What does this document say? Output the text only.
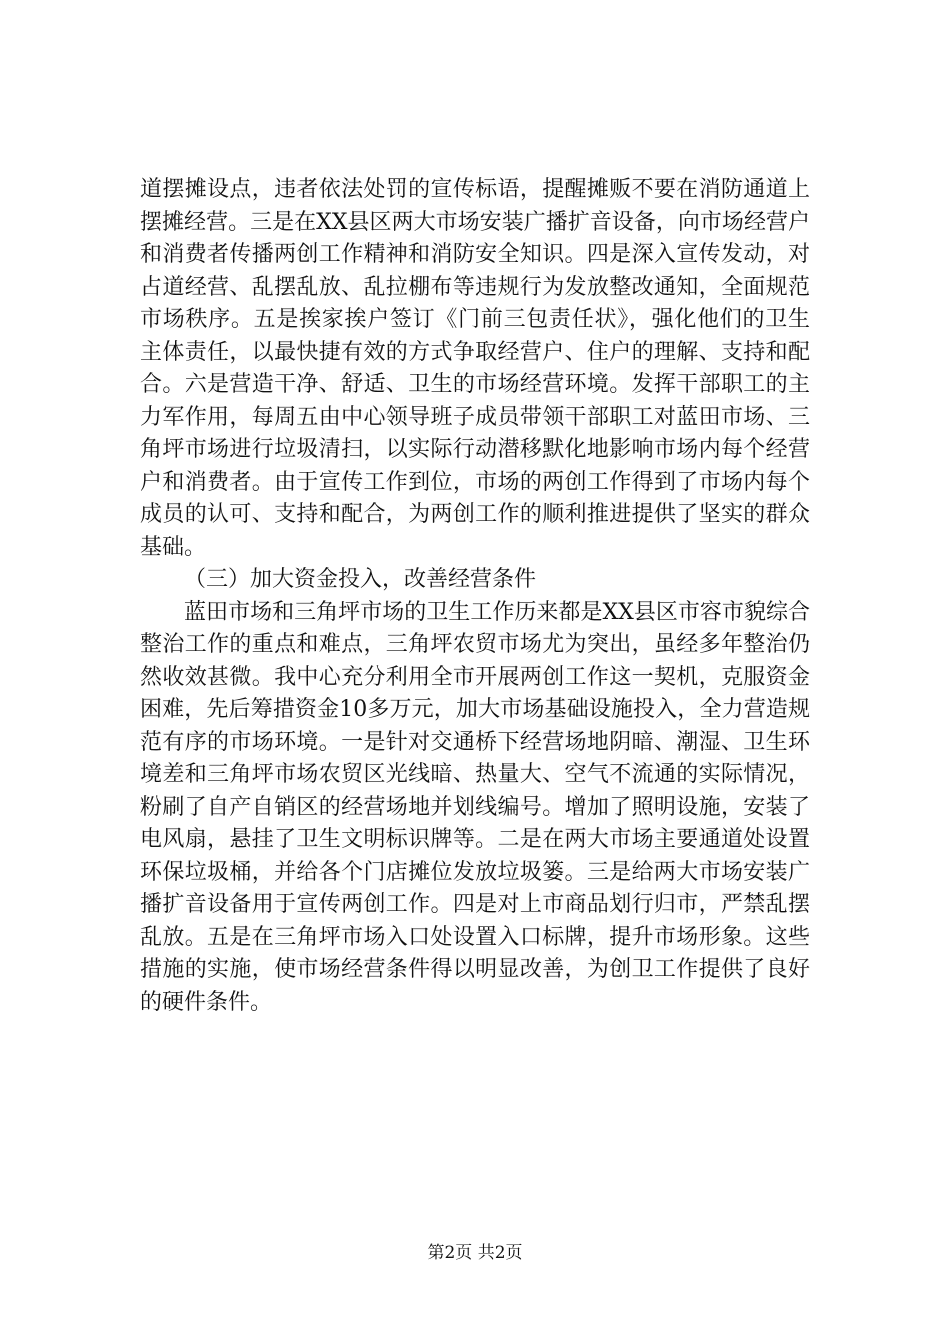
道摆摊设点，违者依法处罚的宣传标语，提醒摊贩不要在消防通道上摆摊经营。三是在XX县区两大市场安装广播扩音设备，向市场经营户和消费者传播两创工作精神和消防安全知识。四是深入宣传发动，对占道经营、乱摆乱放、乱拉棚布等违规行为发放整改通知，全面规范市场秩序。五是挨家挨户签订《门前三包责任状》，强化他们的卫生主体责任，以最快捷有效的方式争取经营户、住户的理解、支持和配合。六是营造干净、舒适、卫生的市场经营环境。发挥干部职工的主力军作用，每周五由中心领导班子成员带领干部职工对蓝田市场、三角坪市场进行垃圾清扫，以实际行动潜移默化地影响市场内每个经营户和消费者。由于宣传工作到位，市场的两创工作得到了市场内每个成员的认可、支持和配合，为两创工作的顺利推进提供了坚实的群众基础。

（三）加大资金投入，改善经营条件

蓝田市场和三角坪市场的卫生工作历来都是XX县区市容市貌综合整治工作的重点和难点，三角坪农贸市场尤为突出，虽经多年整治仍然收效甚微。我中心充分利用全市开展两创工作这一契机，克服资金困难，先后筹措资金10多万元，加大市场基础设施投入，全力营造规范有序的市场环境。一是针对交通桥下经营场地阴暗、潮湿、卫生环境差和三角坪市场农贸区光线暗、热量大、空气不流通的实际情况，粉刷了自产自销区的经营场地并划线编号。增加了照明设施，安装了电风扇，悬挂了卫生文明标识牌等。二是在两大市场主要通道处设置环保垃圾桶，并给各个门店摊位发放垃圾篓。三是给两大市场安装广播扩音设备用于宣传两创工作。四是对上市商品划行归市，严禁乱摆乱放。五是在三角坪市场入口处设置入口标牌，提升市场形象。这些措施的实施，使市场经营条件得以明显改善，为创卫工作提供了良好的硬件条件。

第2页 共2页
